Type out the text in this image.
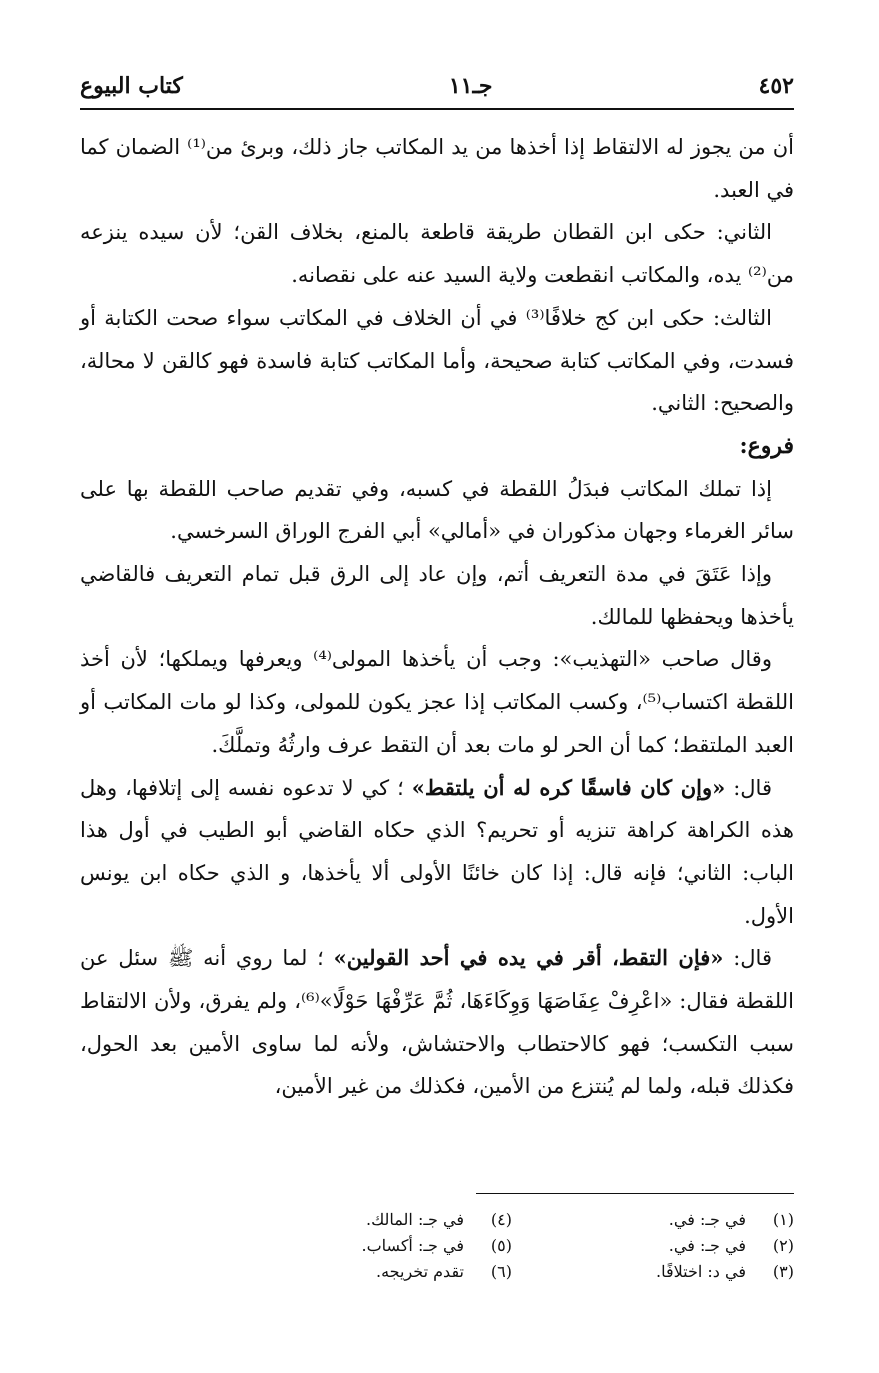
٤٥٢
جـ١١
كتاب البيوع

أن من يجوز له الالتقاط إذا أخذها من يد المكاتب جاز ذلك، وبرئ من⁽¹⁾ الضمان كما في العبد.

الثاني: حكى ابن القطان طريقة قاطعة بالمنع، بخلاف القن؛ لأن سيده ينزعه من⁽²⁾ يده، والمكاتب انقطعت ولاية السيد عنه على نقصانه.

الثالث: حكى ابن كج خلافًا⁽³⁾ في أن الخلاف في المكاتب سواء صحت الكتابة أو فسدت، وفي المكاتب كتابة صحيحة، وأما المكاتب كتابة فاسدة فهو كالقن لا محالة، والصحيح: الثاني.

فروع:

إذا تملك المكاتب فبدَلُ اللقطة في كسبه، وفي تقديم صاحب اللقطة بها على سائر الغرماء وجهان مذكوران في «أمالي» أبي الفرج الوراق السرخسي.

وإذا عَتَقَ في مدة التعريف أتم، وإن عاد إلى الرق قبل تمام التعريف فالقاضي يأخذها ويحفظها للمالك.

وقال صاحب «التهذيب»: وجب أن يأخذها المولى⁽⁴⁾ ويعرفها ويملكها؛ لأن أخذ اللقطة اكتساب⁽⁵⁾، وكسب المكاتب إذا عجز يكون للمولى، وكذا لو مات المكاتب أو العبد الملتقط؛ كما أن الحر لو مات بعد أن التقط عرف وارثُهُ وتملَّكَ.

قال: «وإن كان فاسقًا كره له أن يلتقط» ؛ كي لا تدعوه نفسه إلى إتلافها، وهل هذه الكراهة كراهة تنزيه أو تحريم؟ الذي حكاه القاضي أبو الطيب في أول هذا الباب: الثاني؛ فإنه قال: إذا كان خائنًا الأولى ألا يأخذها، و الذي حكاه ابن يونس الأول.

قال: «فإن التقط، أقر في يده في أحد القولين» ؛ لما روي أنه ﷺ سئل عن اللقطة فقال: «اعْرِفْ عِفَاصَهَا وَوِكَاءَهَا، ثُمَّ عَرِّفْهَا حَوْلًا»⁽⁶⁾، ولم يفرق، ولأن الالتقاط سبب التكسب؛ فهو كالاحتطاب والاحتشاش، ولأنه لما ساوى الأمين بعد الحول، فكذلك قبله، ولما لم يُنتزع من الأمين، فكذلك من غير الأمين،

(١)
في جـ: في.
(٢)
في جـ: في.
(٣)
في د: اختلافًا.
(٤)
في جـ: المالك.
(٥)
في جـ: أكساب.
(٦)
تقدم تخريجه.
